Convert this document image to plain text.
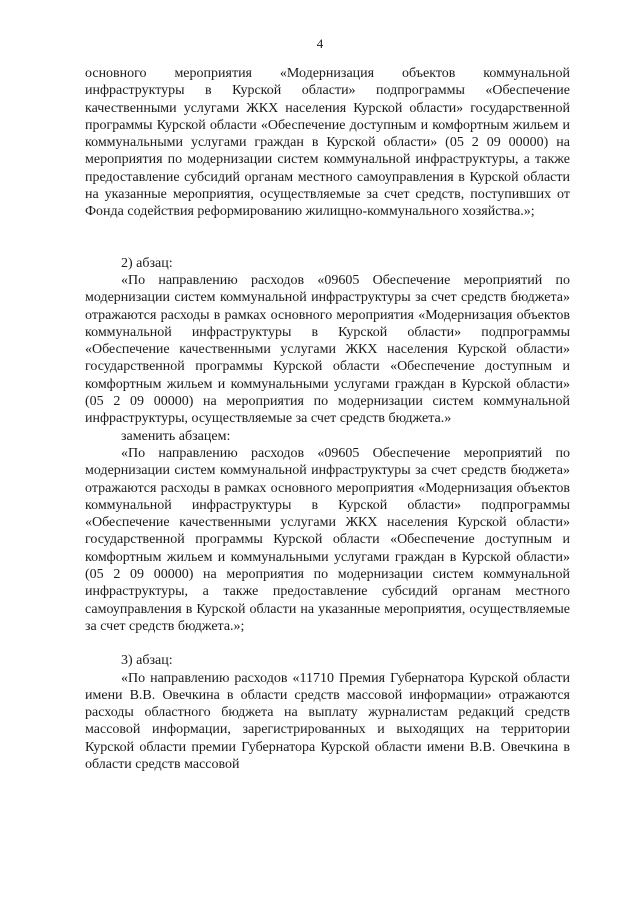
4

основного мероприятия «Модернизация объектов коммунальной инфраструктуры в Курской области» подпрограммы «Обеспечение качественными услугами ЖКХ населения Курской области» государственной программы Курской области «Обеспечение доступным и комфортным жильем и коммунальными услугами граждан в Курской области» (05 2 09 00000) на мероприятия по модернизации систем коммунальной инфраструктуры, а также предоставление субсидий органам местного самоуправления в Курской области на указанные мероприятия, осуществляемые за счет средств, поступивших от Фонда содействия реформированию жилищно-коммунального хозяйства.»;

2) абзац:

«По направлению расходов «09605 Обеспечение мероприятий по модернизации систем коммунальной инфраструктуры за счет средств бюджета» отражаются расходы в рамках основного мероприятия «Модернизация объектов коммунальной инфраструктуры в Курской области» подпрограммы «Обеспечение качественными услугами ЖКХ населения Курской области» государственной программы Курской области «Обеспечение доступным и комфортным жильем и коммунальными услугами граждан в Курской области» (05 2 09 00000) на мероприятия по модернизации систем коммунальной инфраструктуры, осуществляемые за счет средств бюджета.»

заменить абзацем:

«По направлению расходов «09605 Обеспечение мероприятий по модернизации систем коммунальной инфраструктуры за счет средств бюджета» отражаются расходы в рамках основного мероприятия «Модернизация объектов коммунальной инфраструктуры в Курской области» подпрограммы «Обеспечение качественными услугами ЖКХ населения Курской области» государственной программы Курской области «Обеспечение доступным и комфортным жильем и коммунальными услугами граждан в Курской области» (05 2 09 00000) на мероприятия по модернизации систем коммунальной инфраструктуры, а также предоставление субсидий органам местного самоуправления в Курской области на указанные мероприятия, осуществляемые за счет средств бюджета.»;

3) абзац:

«По направлению расходов «11710 Премия Губернатора Курской области имени В.В. Овечкина в области средств массовой информации» отражаются расходы областного бюджета на выплату журналистам редакций средств массовой информации, зарегистрированных и выходящих на территории Курской области премии Губернатора Курской области имени В.В. Овечкина в области средств массовой
